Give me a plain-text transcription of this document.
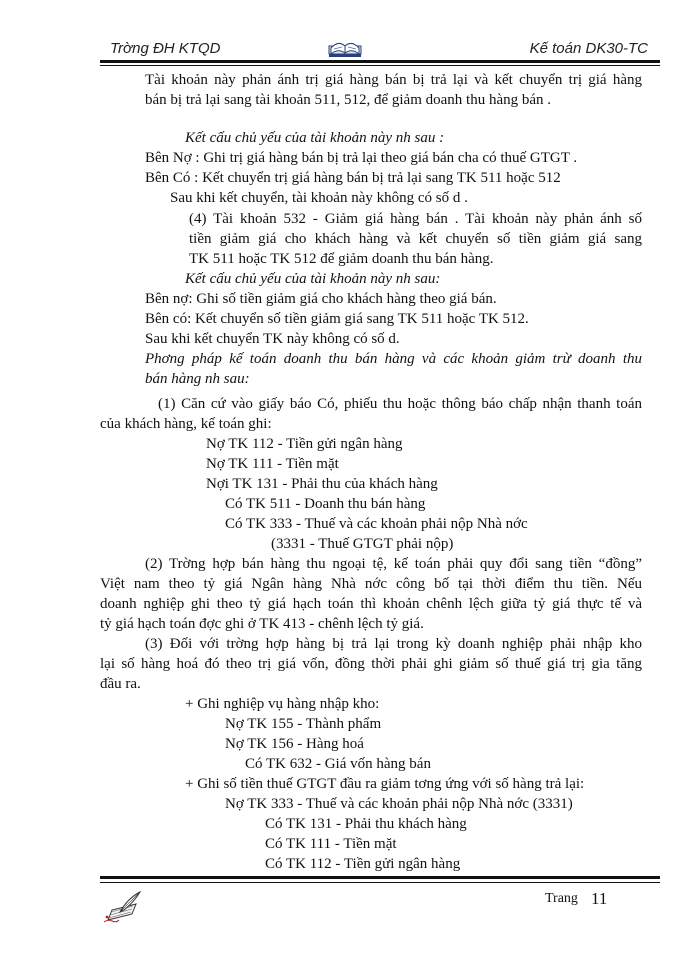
Trờng ĐH KTQD	Kế toán DK30-TC
Tài khoản này phản ánh trị giá hàng bán bị trả lại và kết chuyển trị giá hàng
bán bị trả lại sang tài khoản 511, 512, để giảm doanh thu hàng bán .
Kết cấu chủ yếu của tài khoản này nh sau :
Bên Nợ : Ghi trị giá hàng bán bị trả lại theo giá bán cha có thuế GTGT .
Bên Có : Kết chuyển trị giá hàng bán bị trả lại sang TK 511 hoặc 512
Sau khi kết chuyển, tài khoản này không có số d .
(4) Tài khoản 532 - Giảm giá hàng bán . Tài khoản này phản ánh số
tiền giảm giá cho khách hàng và kết chuyển số tiền giảm giá sang
TK 511 hoặc TK 512 để giảm doanh thu bán hàng.
Kết cấu chủ yếu của tài khoản này nh sau:
Bên nợ: Ghi số tiền giảm giá cho khách hàng theo giá bán.
Bên có: Kết chuyển số tiền giảm giá sang TK 511 hoặc TK 512.
Sau khi kết chuyển TK này không có số d.
Phơng pháp kế toán doanh thu bán hàng và các khoản giảm trừ doanh thu
bán hàng nh sau:
(1) Căn cứ vào giấy báo Có, phiếu thu hoặc thông báo chấp nhận thanh toán
của khách hàng, kế toán ghi:
Nợ TK 112 - Tiền gửi ngân hàng
Nợ TK 111 - Tiền mặt
Nợi TK 131 - Phải thu của khách hàng
Có TK 511 - Doanh thu bán hàng
Có TK 333 - Thuế và các khoản phải nộp Nhà nớc
(3331 - Thuế GTGT phải nộp)
(2) Trờng hợp bán hàng thu ngoại tệ, kế toán phải quy đổi sang tiền “đồng”
Việt nam theo tỷ giá Ngân hàng Nhà nớc công bố tại thời điểm thu tiền. Nếu
doanh nghiệp ghi theo tỷ giá hạch toán thì khoản chênh lệch giữa tỷ giá thực tế và
tỷ giá hạch toán đợc ghi ở TK 413 - chênh lệch tỷ giá.
(3) Đối với trờng hợp hàng bị trả lại trong kỳ doanh nghiệp phải nhập kho
lại số hàng hoá đó theo trị giá vốn, đồng thời phải ghi giảm số thuế giá trị gia tăng
đầu ra.
+ Ghi nghiệp vụ hàng nhập kho:
Nợ TK 155 - Thành phẩm
Nợ TK 156 - Hàng hoá
Có TK 632 - Giá vốn hàng bán
+ Ghi số tiền thuế GTGT đầu ra giảm tơng ứng với số hàng trả lại:
Nợ TK 333 - Thuế và các khoản phải nộp Nhà nớc (3331)
Có TK 131 - Phải thu khách hàng
Có TK 111 - Tiền mặt
Có TK 112 - Tiền gửi ngân hàng
Trang 11
